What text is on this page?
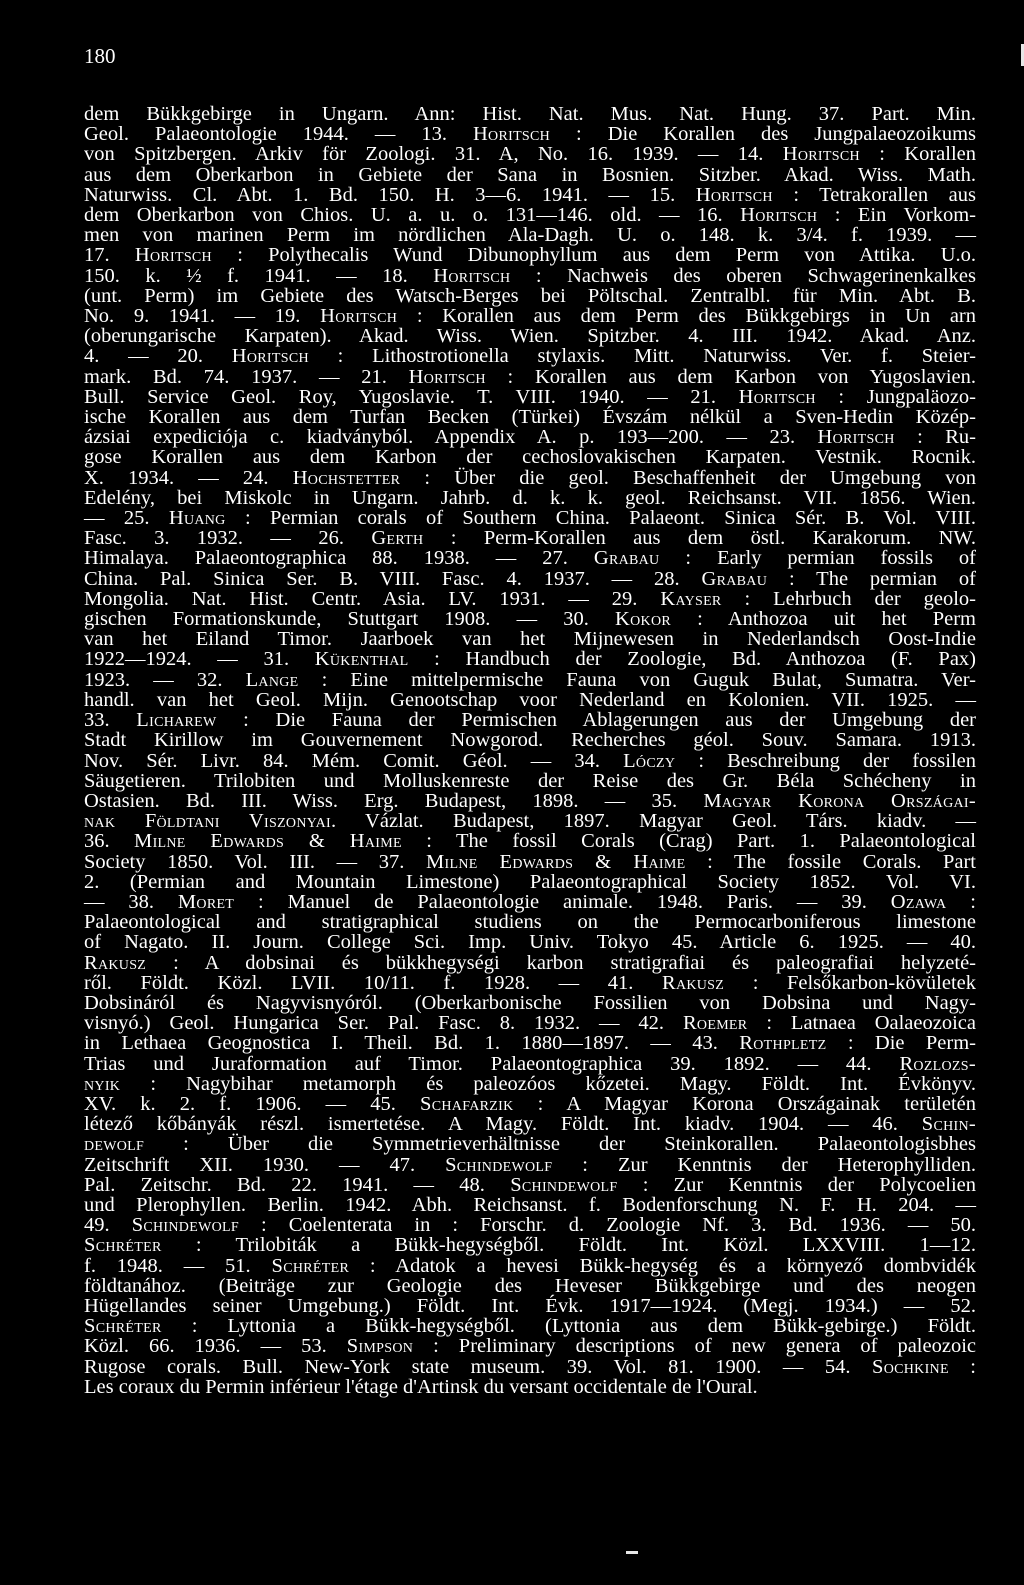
180
dem Bükkgebirge in Ungarn. Ann: Hist. Nat. Mus. Nat. Hung. 37. Part. Min.
Geol. Palaeontologie 1944. — 13. Horitsch : Die Korallen des Jungpalaeozoikums
von Spitzbergen. Arkiv för Zoologi. 31. A, No. 16. 1939. — 14. Horitsch : Korallen
aus dem Oberkarbon in Gebiete der Sana in Bosnien. Sitzber. Akad. Wiss. Math.
Naturwiss. Cl. Abt. 1. Bd. 150. H. 3—6. 1941. — 15. Horitsch : Tetrakorallen aus
dem Oberkarbon von Chios. U. a. u. o. 131—146. old. — 16. Horitsch : Ein Vorkom-
men von marinen Perm im nördlichen Ala-Dagh. U. o. 148. k. 3/4. f. 1939. —
17. Horitsch : Polythecalis Wund Dibunophyllum aus dem Perm von Attika. U.o.
150. k. ½ f. 1941. — 18. Horitsch : Nachweis des oberen Schwagerinenkalkes
(unt. Perm) im Gebiete des Watsch-Berges bei Pöltschal. Zentralbl. für Min. Abt. B.
No. 9. 1941. — 19. Horitsch : Korallen aus dem Perm des Bükkgebirgs in Un arn
(oberungarische Karpaten). Akad. Wiss. Wien. Spitzber. 4. III. 1942. Akad. Anz.
4. — 20. Horitsch : Lithostrotionella stylaxis. Mitt. Naturwiss. Ver. f. Steier-
mark. Bd. 74. 1937. — 21. Horitsch : Korallen aus dem Karbon von Yugoslavien.
Bull. Service Geol. Roy, Yugoslavie. T. VIII. 1940. — 21. Horitsch : Jungpaläozo-
ische Korallen aus dem Turfan Becken (Türkei) Évszám nélkül a Sven-Hedin Közép-
ázsiai expediciója c. kiadványból. Appendix A. p. 193—200. — 23. Horitsch : Ru-
gose Korallen aus dem Karbon der cechoslovakischen Karpaten. Vestnik. Rocnik.
X. 1934. — 24. Hochstetter : Über die geol. Beschaffenheit der Umgebung von
Edelény, bei Miskolc in Ungarn. Jahrb. d. k. k. geol. Reichsanst. VII. 1856. Wien.
— 25. Huang : Permian corals of Southern China. Palaeont. Sinica Sér. B. Vol. VIII.
Fasc. 3. 1932. — 26. Gerth : Perm-Korallen aus dem östl. Karakorum. NW.
Himalaya. Palaeontographica 88. 1938. — 27. Grabau : Early permian fossils of
China. Pal. Sinica Ser. B. VIII. Fasc. 4. 1937. — 28. Grabau : The permian of
Mongolia. Nat. Hist. Centr. Asia. LV. 1931. — 29. Kayser : Lehrbuch der geolo-
gischen Formationskunde, Stuttgart 1908. — 30. Kokor : Anthozoa uit het Perm
van het Eiland Timor. Jaarboek van het Mijnewesen in Nederlandsch Oost-Indie
1922—1924. — 31. Kükenthal : Handbuch der Zoologie, Bd. Anthozoa (F. Pax)
1923. — 32. Lange : Eine mittelpermische Fauna von Guguk Bulat, Sumatra. Ver-
handl. van het Geol. Mijn. Genootschap voor Nederland en Kolonien. VII. 1925. —
33. Licharew : Die Fauna der Permischen Ablagerungen aus der Umgebung der
Stadt Kirillow im Gouvernement Nowgorod. Recherches géol. Souv. Samara. 1913.
Nov. Sér. Livr. 84. Mém. Comit. Géol. — 34. Lóczy : Beschreibung der fossilen
Säugetieren. Trilobiten und Molluskenreste der Reise des Gr. Béla Schécheny in
Ostasien. Bd. III. Wiss. Erg. Budapest, 1898. — 35. Magyar Korona Országai-
nak Földtani Viszonyai. Vázlat. Budapest, 1897. Magyar Geol. Társ. kiadv. —
36. Milne Edwards & Haime : The fossil Corals (Crag) Part. 1. Palaeontological
Society 1850. Vol. III. — 37. Milne Edwards & Haime : The fossile Corals. Part
2. (Permian and Mountain Limestone) Palaeontographical Society 1852. Vol. VI.
— 38. Moret : Manuel de Palaeontologie animale. 1948. Paris. — 39. Ozawa :
Palaeontological and stratigraphical studiens on the Permocarboniferous limestone
of Nagato. II. Journ. College Sci. Imp. Univ. Tokyo 45. Article 6. 1925. — 40.
Rakusz : A dobsinai és bükkhegységi karbon stratigrafiai és paleografiai helyzeté-
ről. Földt. Közl. LVII. 10/11. f. 1928. — 41. Rakusz : Felsőkarbon-kövületek
Dobsináról és Nagyvisnyóról. (Oberkarbonische Fossilien von Dobsina und Nagy-
visnyó.) Geol. Hungarica Ser. Pal. Fasc. 8. 1932. — 42. Roemer : Latnaea Oalaeozoica
in Lethaea Geognostica I. Theil. Bd. 1. 1880—1897. — 43. Rothpletz : Die Perm-
Trias und Juraformation auf Timor. Palaeontographica 39. 1892. — 44. Rozlozs-
nyik : Nagybihar metamorph és paleozóos kőzetei. Magy. Földt. Int. Évkönyv.
XV. k. 2. f. 1906. — 45. Schafarzik : A Magyar Korona Országainak területén
létező kőbányák részl. ismertetése. A Magy. Földt. Int. kiadv. 1904. — 46. Schin-
dewolf : Über die Symmetrieverhältnisse der Steinkorallen. Palaeontologisbhes
Zeitschrift XII. 1930. — 47. Schindewolf : Zur Kenntnis der Heterophylliden.
Pal. Zeitschr. Bd. 22. 1941. — 48. Schindewolf : Zur Kenntnis der Polycoelien
und Plerophyllen. Berlin. 1942. Abh. Reichsanst. f. Bodenforschung N. F. H. 204. —
49. Schindewolf : Coelenterata in : Forschr. d. Zoologie Nf. 3. Bd. 1936. — 50.
Schréter : Trilobiták a Bükk-hegységből. Földt. Int. Közl. LXXVIII. 1—12.
f. 1948. — 51. Schréter : Adatok a hevesi Bükk-hegység és a környező dombvidék
földtanához. (Beiträge zur Geologie des Heveser Bükkgebirge und des neogen
Hügellandes seiner Umgebung.) Földt. Int. Évk. 1917—1924. (Megj. 1934.) — 52.
Schréter : Lyttonia a Bükk-hegységből. (Lyttonia aus dem Bükk-gebirge.) Földt.
Közl. 66. 1936. — 53. Simpson : Preliminary descriptions of new genera of paleozoic
Rugose corals. Bull. New-York state museum. 39. Vol. 81. 1900. — 54. Sochkine :
Les coraux du Permin inférieur l'étage d'Artinsk du versant occidentale de l'Oural.
